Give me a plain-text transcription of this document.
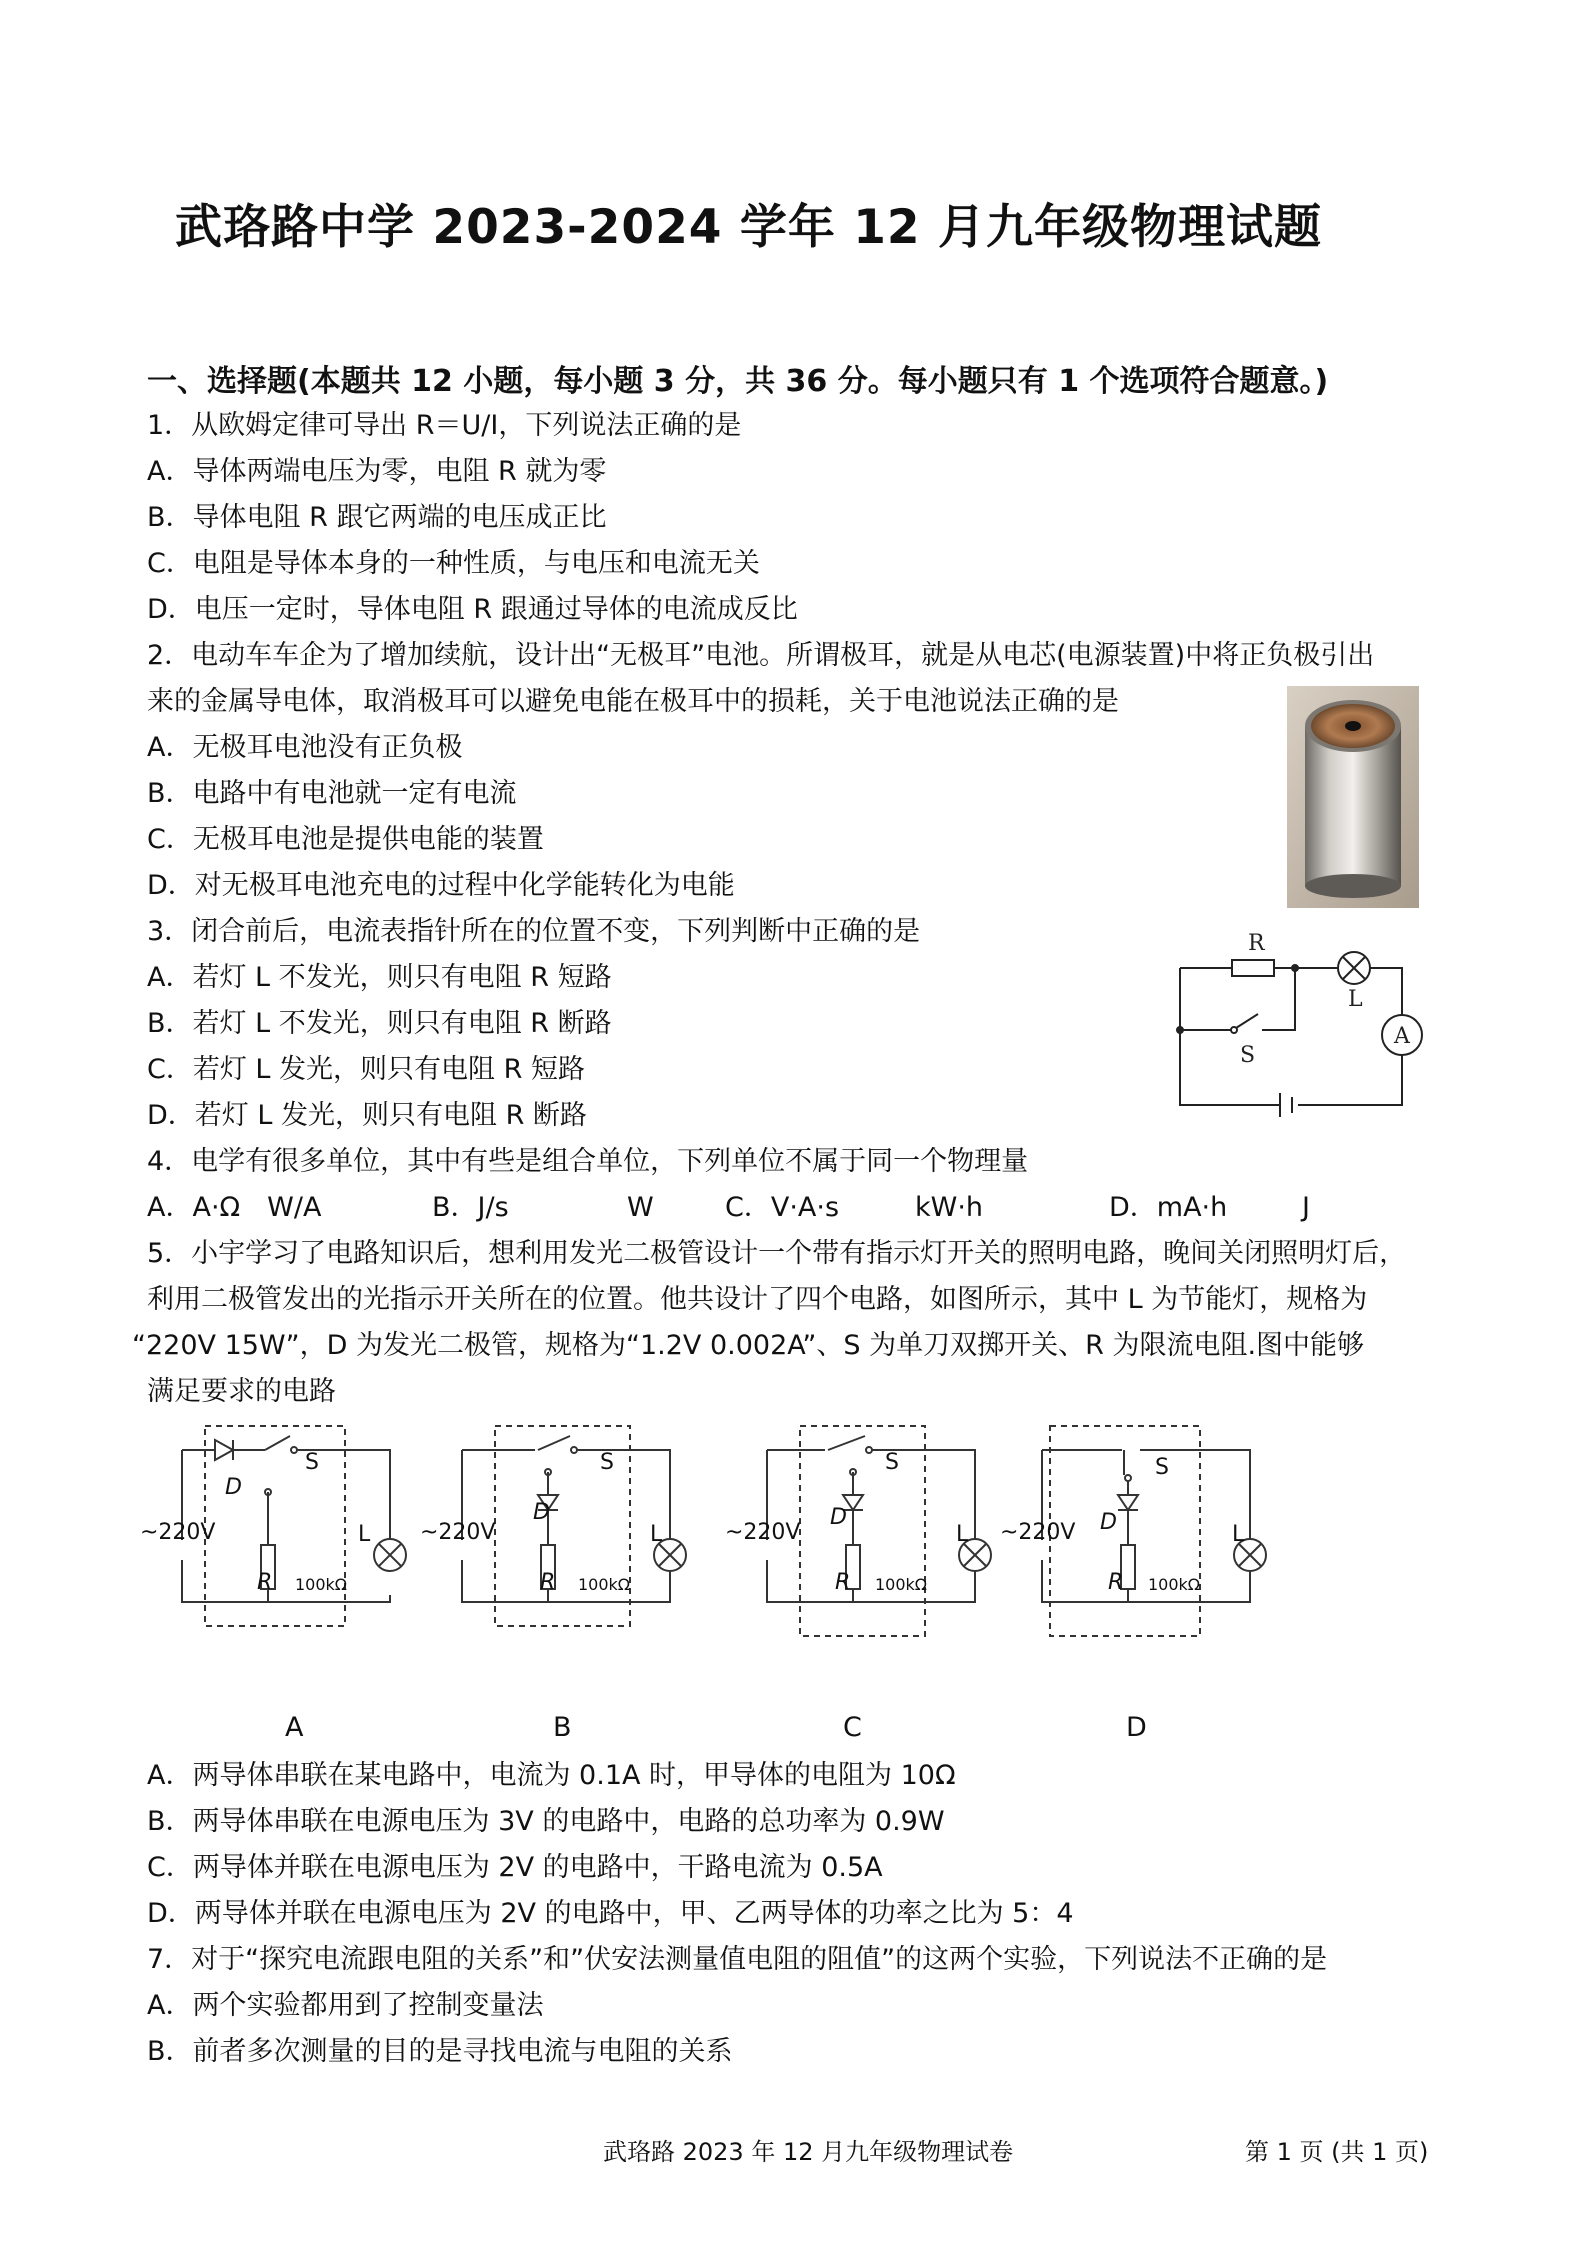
武珞路中学 2023-2024 学年 12 月九年级物理试题
一、选择题(本题共 12 小题，每小题 3 分，共 36 分。每小题只有 1 个选项符合题意。)
1．从欧姆定律可导出 R＝U/I，下列说法正确的是
A．导体两端电压为零，电阻 R 就为零
B．导体电阻 R 跟它两端的电压成正比
C．电阻是导体本身的一种性质，与电压和电流无关
D．电压一定时，导体电阻 R 跟通过导体的电流成反比
2．电动车车企为了增加续航，设计出“无极耳”电池。所谓极耳，就是从电芯(电源装置)中将正负极引出
来的金属导电体，取消极耳可以避免电能在极耳中的损耗，关于电池说法正确的是
A．无极耳电池没有正负极
B．电路中有电池就一定有电流
C．无极耳电池是提供电能的装置
D．对无极耳电池充电的过程中化学能转化为电能
3．闭合前后，电流表指针所在的位置不变，下列判断中正确的是
A．若灯 L 不发光，则只有电阻 R 短路
B．若灯 L 不发光，则只有电阻 R 断路
C．若灯 L 发光，则只有电阻 R 短路
D．若灯 L 发光，则只有电阻 R 断路
R
L
S
A
4．电学有很多单位，其中有些是组合单位，下列单位不属于同一个物理量
A．A·Ω　W/A	B．J/s	W	C．V·A·s	kW·h	D．mA·h	J
5．小宇学习了电路知识后，想利用发光二极管设计一个带有指示灯开关的照明电路，晚间关闭照明灯后，
利用二极管发出的光指示开关所在的位置。他共设计了四个电路，如图所示，其中 L 为节能灯，规格为
“220V 15W”，D 为发光二极管，规格为“1.2V 0.002A”、S 为单刀双掷开关、R 为限流电阻.图中能够
满足要求的电路
~220V	~220V	~220V	~220V
D
S
R 100kΩ
L
D
S
R 100kΩ
L
D
S
R 100kΩ
L	D
S
R 100kΩ
L
A	B	C	D
A．两导体串联在某电路中，电流为 0.1A 时，甲导体的电阻为 10Ω
B．两导体串联在电源电压为 3V 的电路中，电路的总功率为 0.9W
C．两导体并联在电源电压为 2V 的电路中，干路电流为 0.5A
D．两导体并联在电源电压为 2V 的电路中，甲、乙两导体的功率之比为 5：4
7．对于“探究电流跟电阻的关系”和”伏安法测量值电阻的阻值”的这两个实验，下列说法不正确的是
A．两个实验都用到了控制变量法
B．前者多次测量的目的是寻找电流与电阻的关系
武珞路 2023 年 12 月九年级物理试卷	第 1 页 (共 1 页)
